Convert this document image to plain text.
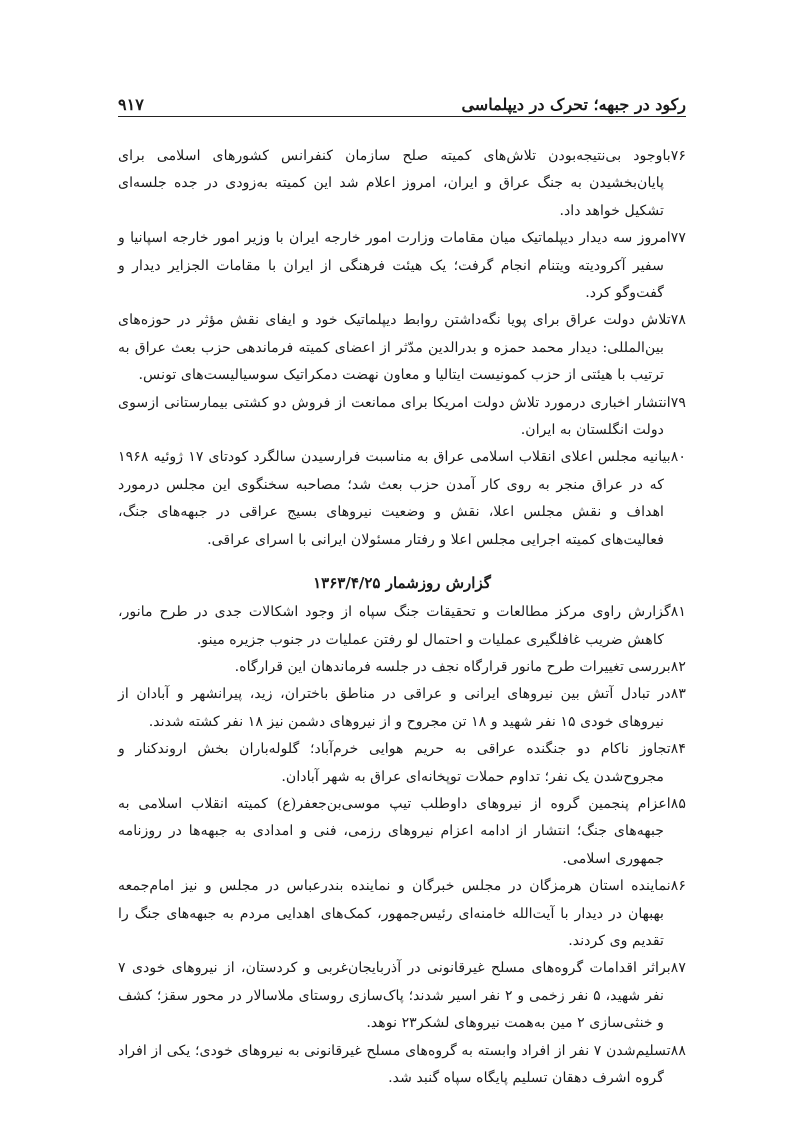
رکود در جبهه؛ تحرک در دیپلماسی
۹۱۷

۷۶باوجود بی‌نتیجه‌بودن تلاش‌های کمیته صلح سازمان کنفرانس کشورهای اسلامی برای پایان‌بخشیدن به جنگ عراق و ایران، امروز اعلام شد این کمیته به‌زودی در جده جلسه‌ای تشکیل خواهد داد.

۷۷امروز سه دیدار دیپلماتیک میان مقامات وزارت امور خارجه ایران با وزیر امور خارجه اسپانیا و سفیر آکرودیته ویتنام انجام گرفت؛ یک هیئت فرهنگی از ایران با مقامات الجزایر دیدار و گفت‌وگو کرد.

۷۸تلاش دولت عراق برای پویا نگه‌داشتن روابط دیپلماتیک خود و ایفای نقش مؤثر در حوزه‌های بین‌المللی: دیدار محمد حمزه و بدرالدین مدّثر از اعضای کمیته فرماندهی حزب بعث عراق به ترتیب با هیئتی از حزب کمونیست ایتالیا و معاون نهضت دمکراتیک سوسیالیست‌های تونس.

۷۹انتشار اخباری درمورد تلاش دولت امریکا برای ممانعت از فروش دو کشتی بیمارستانی ازسوی دولت انگلستان به ایران.

۸۰بیانیه مجلس اعلای انقلاب اسلامی عراق به مناسبت فرارسیدن سالگرد کودتای ۱۷ ژوئیه ۱۹۶۸ که در عراق منجر به روی کار آمدن حزب بعث شد؛ مصاحبه سخنگوی این مجلس درمورد اهداف و نقش مجلس اعلا، نقش و وضعیت نیروهای بسیج عراقی در جبهه‌های جنگ، فعالیت‌های کمیته اجرایی مجلس اعلا و رفتار مسئولان ایرانی با اسرای عراقی.

گزارش روزشمار ۱۳۶۳/۴/۲۵

۸۱گزارش راوی مرکز مطالعات و تحقیقات جنگ سپاه از وجود اشکالات جدی در طرح مانور، کاهش ضریب غافلگیری عملیات و احتمال لو رفتن عملیات در جنوب جزیره مینو.

۸۲بررسی تغییرات طرح مانور قرارگاه نجف در جلسه فرماندهان این قرارگاه.

۸۳در تبادل آتش بین نیروهای ایرانی و عراقی در مناطق باختران، زید، پیرانشهر و آبادان از نیروهای خودی ۱۵ نفر شهید و ۱۸ تن مجروح و از نیروهای دشمن نیز ۱۸ نفر کشته شدند.

۸۴تجاوز ناکام دو جنگنده عراقی به حریم هوایی خرم‌آباد؛ گلوله‌باران بخش اروندکنار و مجروح‌شدن یک نفر؛ تداوم حملات توپخانه‌ای عراق به شهر آبادان.

۸۵اعزام پنجمین گروه از نیروهای داوطلب تیپ موسی‌بن‌جعفر(ع) کمیته انقلاب اسلامی به جبهه‌های جنگ؛ انتشار از ادامه اعزام نیروهای رزمی، فنی و امدادی به جبهه‌ها در روزنامه جمهوری اسلامی.

۸۶نماینده استان هرمزگان در مجلس خبرگان و نماینده بندرعباس در مجلس و نیز امام‌جمعه بهبهان در دیدار با آیت‌الله خامنه‌ای رئیس‌جمهور، کمک‌های اهدایی مردم به جبهه‌های جنگ را تقدیم وی کردند.

۸۷براثر اقدامات گروه‌های مسلح غیرقانونی در آذربایجان‌غربی و کردستان، از نیروهای خودی ۷ نفر شهید، ۵ نفر زخمی و ۲ نفر اسیر شدند؛ پاک‌سازی روستای ملاسالار در محور سقز؛ کشف و خنثی‌سازی ۲ مین به‌همت نیروهای لشکر۲۳ نوهد.

۸۸تسلیم‌شدن ۷ نفر از افراد وابسته به گروه‌های مسلح غیرقانونی به نیروهای خودی؛ یکی از افراد گروه اشرف دهقان تسلیم پایگاه سپاه گنبد شد.
